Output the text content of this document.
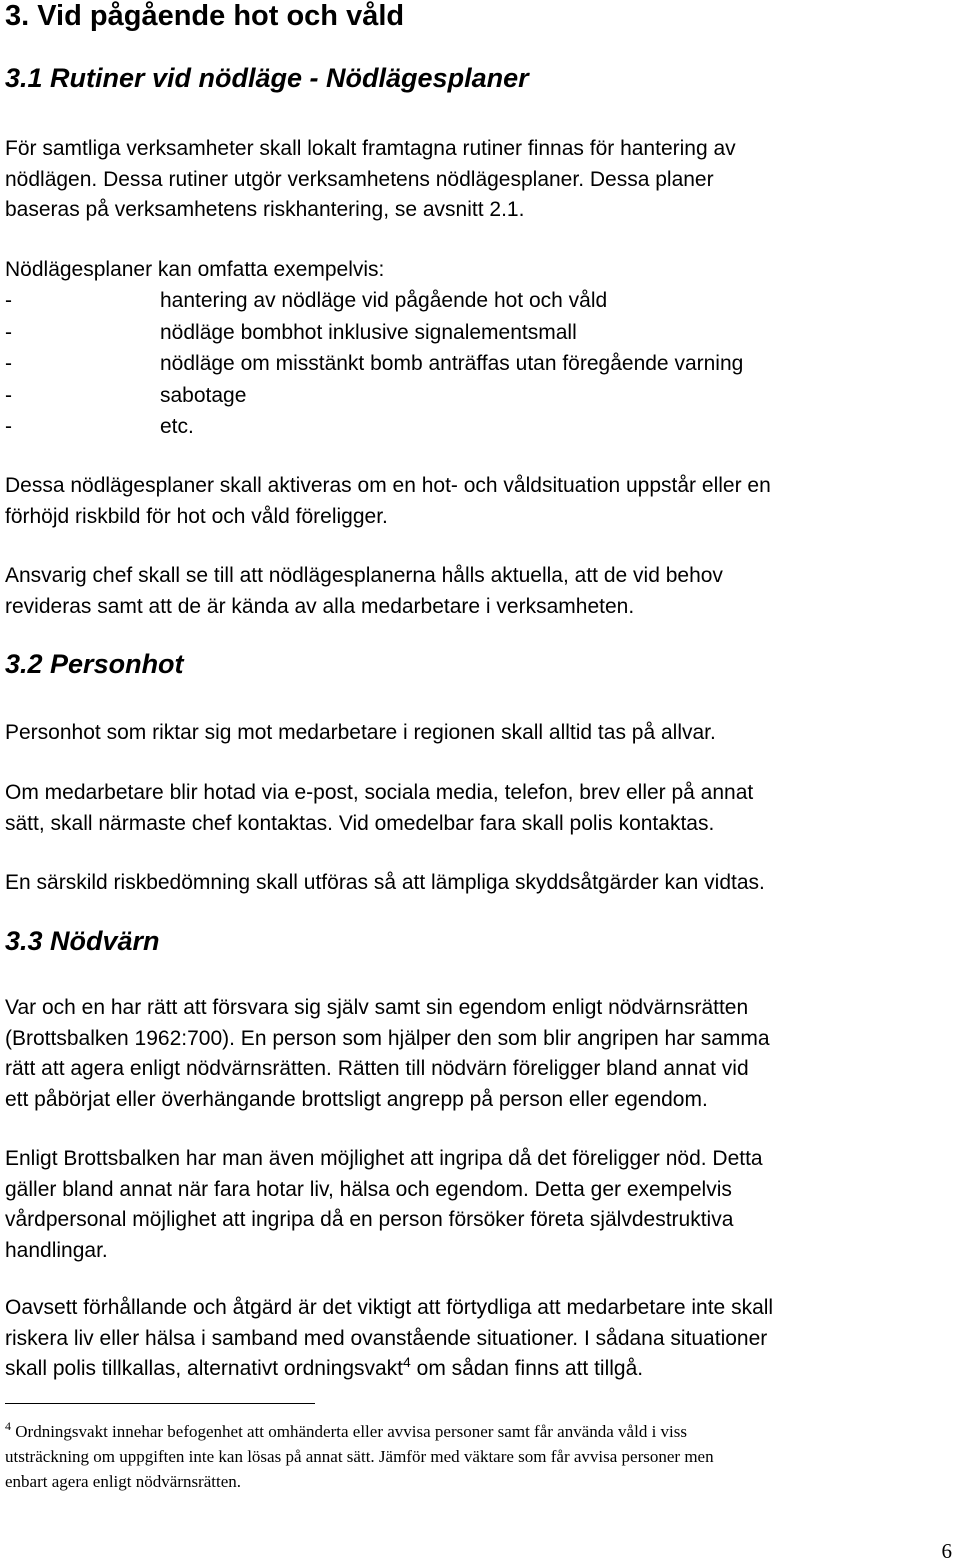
3. Vid pågående hot och våld
3.1 Rutiner vid nödläge - Nödlägesplaner

För samtliga verksamheter skall lokalt framtagna rutiner finnas för hantering av
nödlägen. Dessa rutiner utgör verksamhetens nödlägesplaner. Dessa planer
baseras på verksamhetens riskhantering, se avsnitt 2.1.

Nödlägesplaner kan omfatta exempelvis:

-	hantering av nödläge vid pågående hot och våld
-	nödläge bombhot inklusive signalementsmall
-	nödläge om misstänkt bomb anträffas utan föregående varning
-	sabotage
-	etc.

Dessa nödlägesplaner skall aktiveras om en hot- och våldsituation uppstår eller en
förhöjd riskbild för hot och våld föreligger.

Ansvarig chef skall se till att nödlägesplanerna hålls aktuella, att de vid behov
revideras samt att de är kända av alla medarbetare i verksamheten.

3.2 Personhot

Personhot som riktar sig mot medarbetare i regionen skall alltid tas på allvar.

Om medarbetare blir hotad via e-post, sociala media, telefon, brev eller på annat
sätt, skall närmaste chef kontaktas. Vid omedelbar fara skall polis kontaktas.

En särskild riskbedömning skall utföras så att lämpliga skyddsåtgärder kan vidtas.

3.3 Nödvärn

Var och en har rätt att försvara sig själv samt sin egendom enligt nödvärnsrätten
(Brottsbalken 1962:700). En person som hjälper den som blir angripen har samma
rätt att agera enligt nödvärnsrätten. Rätten till nödvärn föreligger bland annat vid
ett påbörjat eller överhängande brottsligt angrepp på person eller egendom.

Enligt Brottsbalken har man även möjlighet att ingripa då det föreligger nöd. Detta
gäller bland annat när fara hotar liv, hälsa och egendom. Detta ger exempelvis
vårdpersonal möjlighet att ingripa då en person försöker företa självdestruktiva
handlingar.

Oavsett förhållande och åtgärd är det viktigt att förtydliga att medarbetare inte skall
riskera liv eller hälsa i samband med ovanstående situationer. I sådana situationer
skall polis tillkallas, alternativt ordningsvakt$^4$ om sådan finns att tillgå.

$^4$ Ordningsvakt innehar befogenhet att omhänderta eller avvisa personer samt får använda våld i viss
utsträckning om uppgiften inte kan lösas på annat sätt. Jämför med väktare som får avvisa personer men
enbart agera enligt nödvärnsrätten.

6
